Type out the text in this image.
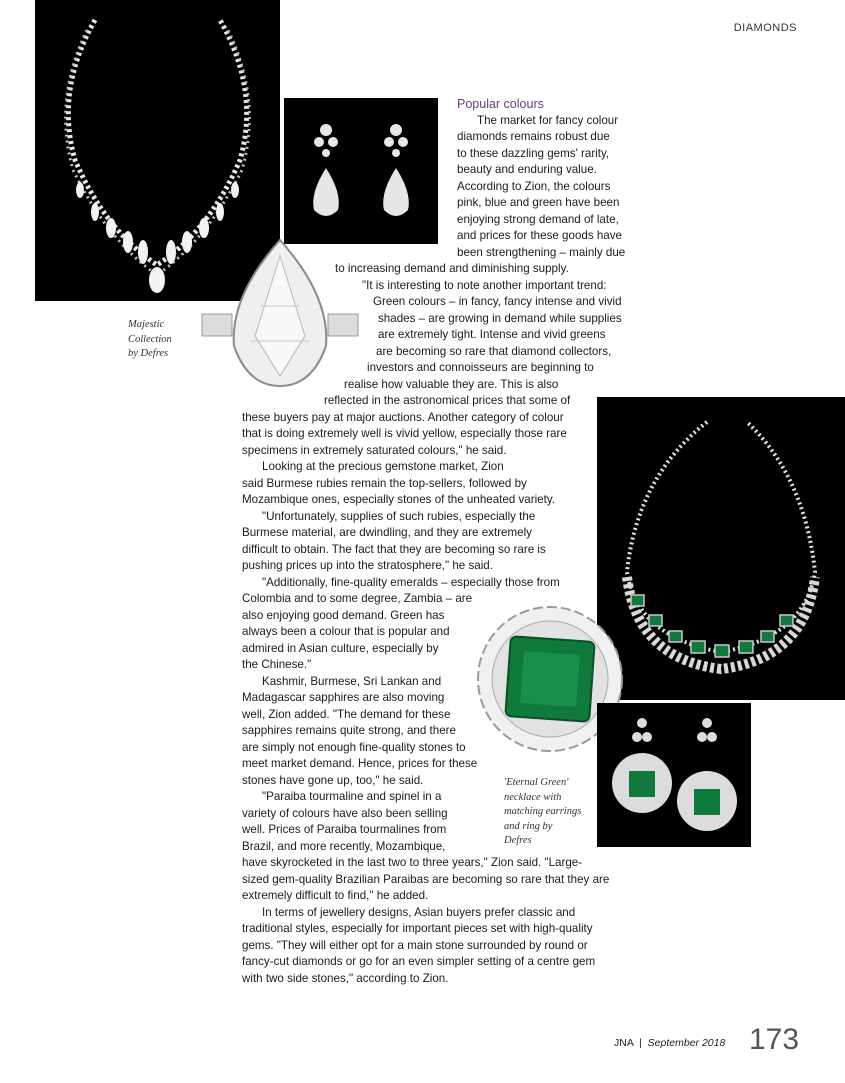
DIAMONDS
Majestic
Collection
by Defres
'Eternal Green'
necklace with
matching earrings
and ring by
Defres
Popular colours
The market for fancy colour
diamonds remains robust due
to these dazzling gems' rarity,
beauty and enduring value.
According to Zion, the colours
pink, blue and green have been
enjoying strong demand of late,
and prices for these goods have
been strengthening – mainly due
to increasing demand and diminishing supply.
"It is interesting to note another important trend:
Green colours – in fancy, fancy intense and vivid
shades – are growing in demand while supplies
are extremely tight. Intense and vivid greens
are becoming so rare that diamond collectors,
investors and connoisseurs are beginning to
realise how valuable they are. This is also
reflected in the astronomical prices that some of
these buyers pay at major auctions. Another category of colour
that is doing extremely well is vivid yellow, especially those rare
specimens in extremely saturated colours," he said.
Looking at the precious gemstone market, Zion
said Burmese rubies remain the top-sellers, followed by
Mozambique ones, especially stones of the unheated variety.
"Unfortunately, supplies of such rubies, especially the
Burmese material, are dwindling, and they are extremely
difficult to obtain. The fact that they are becoming so rare is
pushing prices up into the stratosphere," he said.
"Additionally, fine-quality emeralds – especially those from
Colombia and to some degree, Zambia – are
also enjoying good demand. Green has
always been a colour that is popular and
admired in Asian culture, especially by
the Chinese."
Kashmir, Burmese, Sri Lankan and
Madagascar sapphires are also moving
well, Zion added. "The demand for these
sapphires remains quite strong, and there
are simply not enough fine-quality stones to
meet market demand. Hence, prices for these
stones have gone up, too," he said.
"Paraiba tourmaline and spinel in a
variety of colours have also been selling
well. Prices of Paraiba tourmalines from
Brazil, and more recently, Mozambique,
have skyrocketed in the last two to three years," Zion said. "Large-
sized gem-quality Brazilian Paraibas are becoming so rare that they are
extremely difficult to find," he added.
In terms of jewellery designs, Asian buyers prefer classic and
traditional styles, especially for important pieces set with high-quality
gems. "They will either opt for a main stone surrounded by round or
fancy-cut diamonds or go for an even simpler setting of a centre gem
with two side stones," according to Zion.
JNA  |  September 2018 173
